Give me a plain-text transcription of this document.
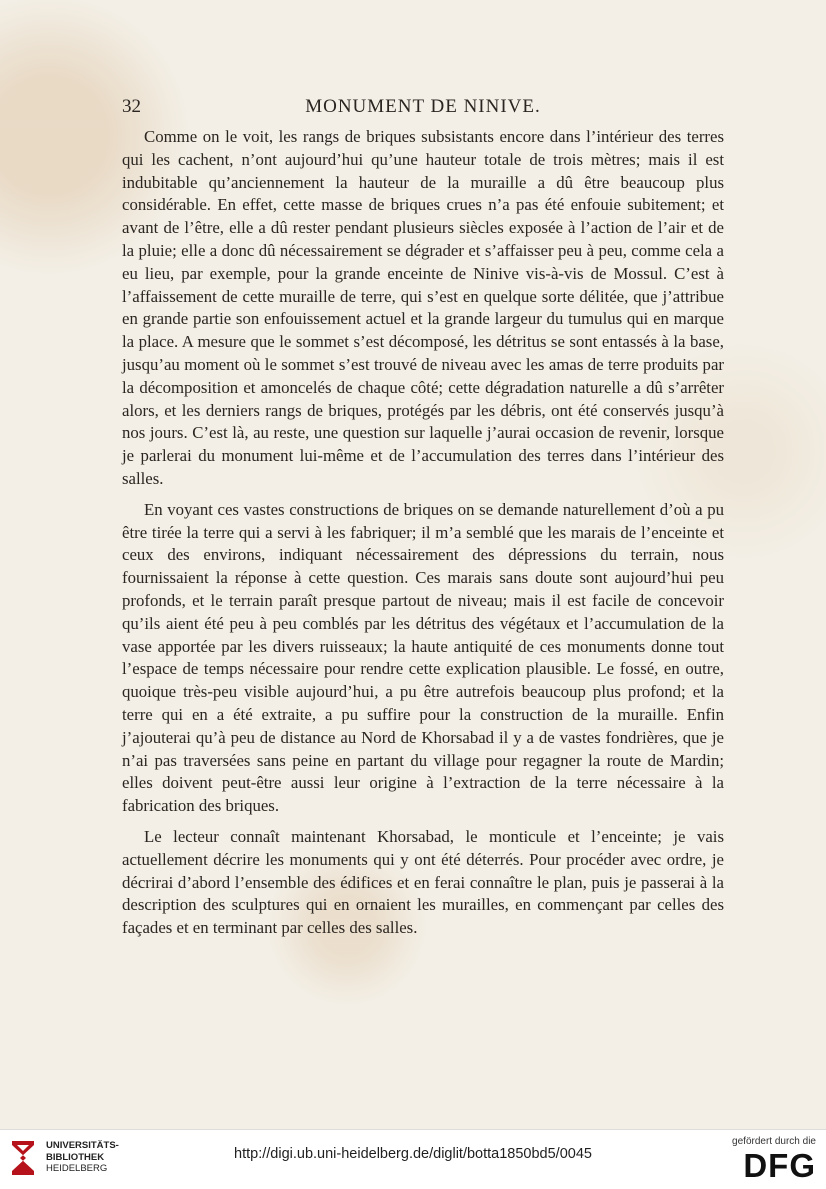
32	MONUMENT DE NINIVE.

Comme on le voit, les rangs de briques subsistants encore dans l’intérieur des terres qui les cachent, n’ont aujourd’hui qu’une hauteur totale de trois mètres; mais il est indubitable qu’anciennement la hauteur de la muraille a dû être beaucoup plus considérable. En effet, cette masse de briques crues n’a pas été enfouie subitement; et avant de l’être, elle a dû rester pendant plusieurs siècles exposée à l’action de l’air et de la pluie; elle a donc dû nécessairement se dégrader et s’affaisser peu à peu, comme cela a eu lieu, par exemple, pour la grande enceinte de Ninive vis-à-vis de Mossul. C’est à l’affaissement de cette muraille de terre, qui s’est en quelque sorte délitée, que j’attribue en grande partie son enfouissement actuel et la grande largeur du tumulus qui en marque la place. A mesure que le sommet s’est décomposé, les détritus se sont entassés à la base, jusqu’au moment où le sommet s’est trouvé de niveau avec les amas de terre produits par la décomposition et amoncelés de chaque côté; cette dégradation naturelle a dû s’arrêter alors, et les derniers rangs de briques, protégés par les débris, ont été conservés jusqu’à nos jours. C’est là, au reste, une question sur laquelle j’aurai occasion de revenir, lorsque je parlerai du monument lui-même et de l’accumulation des terres dans l’intérieur des salles.

En voyant ces vastes constructions de briques on se demande naturellement d’où a pu être tirée la terre qui a servi à les fabriquer; il m’a semblé que les marais de l’enceinte et ceux des environs, indiquant nécessairement des dépressions du terrain, nous fournissaient la réponse à cette question. Ces marais sans doute sont aujourd’hui peu profonds, et le terrain paraît presque partout de niveau; mais il est facile de concevoir qu’ils aient été peu à peu comblés par les détritus des végétaux et l’accumulation de la vase apportée par les divers ruisseaux; la haute antiquité de ces monuments donne tout l’espace de temps nécessaire pour rendre cette explication plausible. Le fossé, en outre, quoique très-peu visible aujourd’hui, a pu être autrefois beaucoup plus profond; et la terre qui en a été extraite, a pu suffire pour la construction de la muraille. Enfin j’ajouterai qu’à peu de distance au Nord de Khorsabad il y a de vastes fondrières, que je n’ai pas traversées sans peine en partant du village pour regagner la route de Mardin; elles doivent peut-être aussi leur origine à l’extraction de la terre nécessaire à la fabrication des briques.

Le lecteur connaît maintenant Khorsabad, le monticule et l’enceinte; je vais actuellement décrire les monuments qui y ont été déterrés. Pour procéder avec ordre, je décrirai d’abord l’ensemble des édifices et en ferai connaître le plan, puis je passerai à la description des sculptures qui en ornaient les murailles, en commençant par celles des façades et en terminant par celles des salles.

UNIVERSITÄTS-
BIBLIOTHEK
HEIDELBERG
http://digi.ub.uni-heidelberg.de/diglit/botta1850bd5/0045
gefördert durch die
DFG
